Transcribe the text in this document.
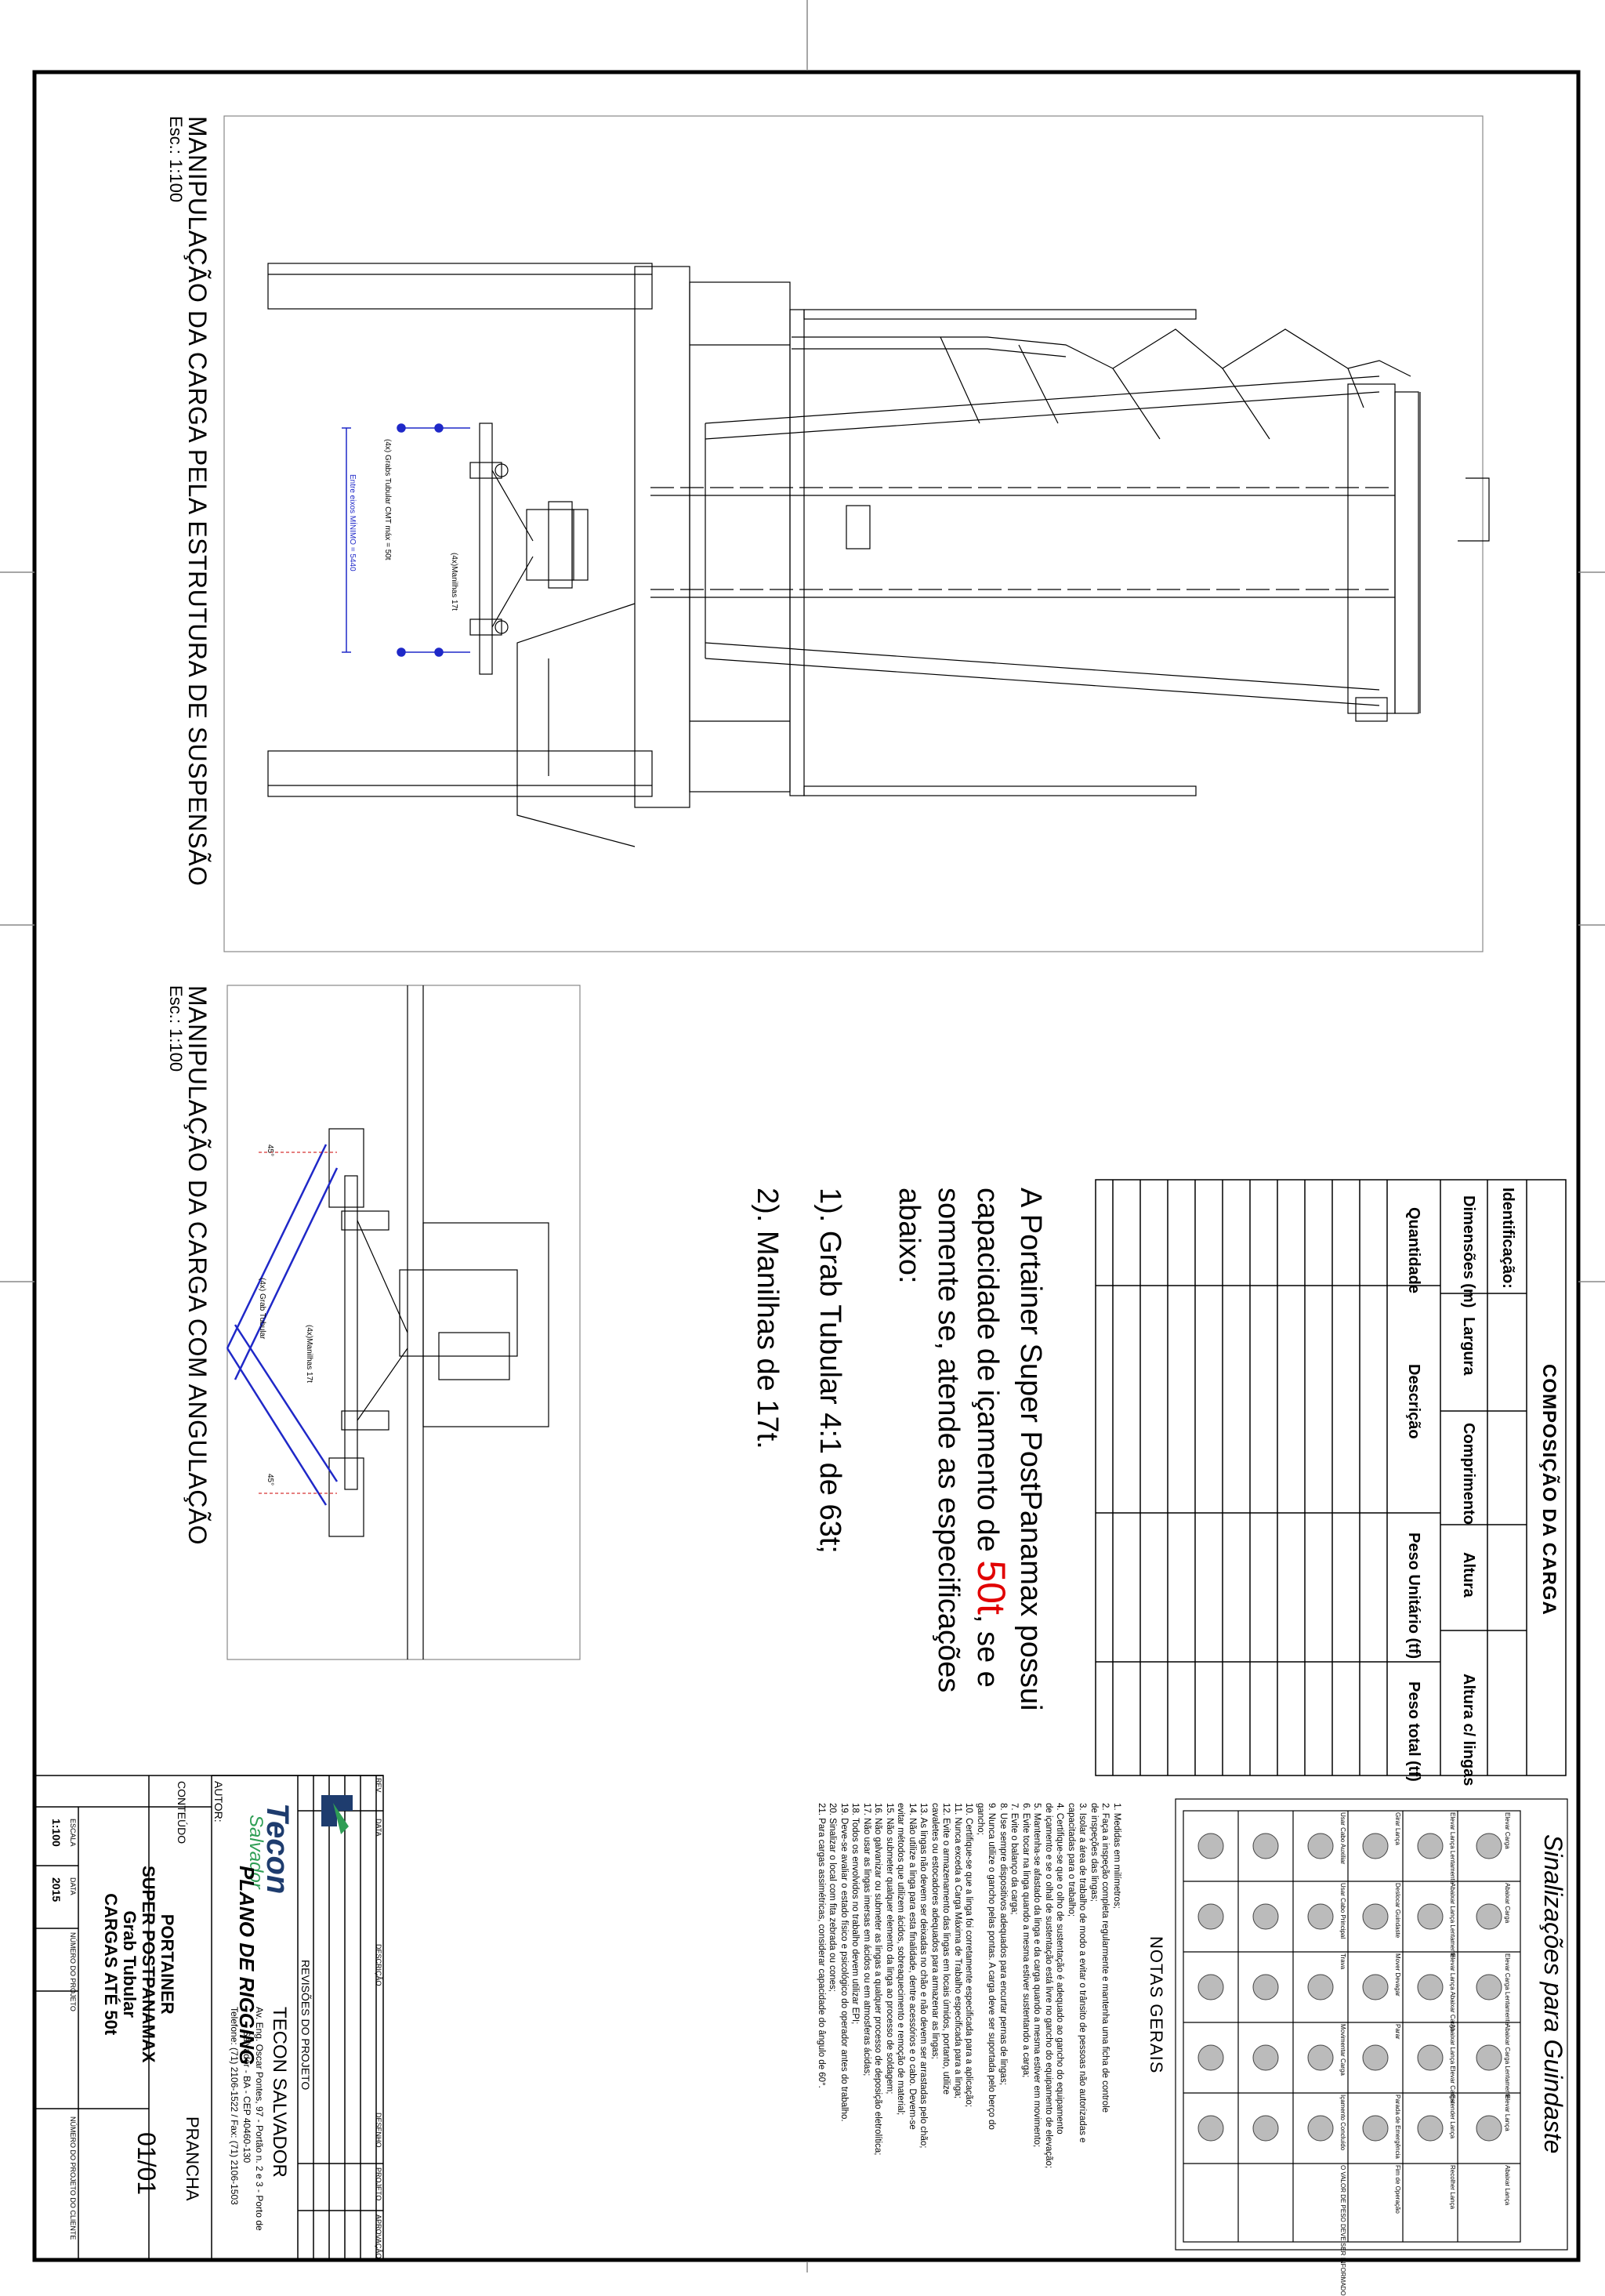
MANIPULAÇÃO DA CARGA PELA ESTRUTURA DE SUSPENSÃO
Esc.: 1:100
(4x) Grabs Tubular CMT máx = 50t
(4x)Manilhas 17t
Entre eixos MÍNIMO = 5440
MANIPULAÇÃO DA CARGA COM ANGULAÇÃO
Esc.: 1:100
(4x) Grab Tubular
(4x)Manilhas 17t
45°
45°	A Portainer Super PostPanamax possui capacidade de içamento de 50t, se e somente se, atende as especificações abaixo:
1). Grab Tubular 4:1 de 63t;
2). Manilhas de 17t.
COMPOSIÇÃO DA CARGA
Identificação:
Dimensões (m)
Largura
Comprimento
Altura
Altura c/ lingas
Quantidade
Descrição
Peso Unitário (tf)
Peso total (tf)
Sinalizações para Guindaste
Elevar Carga
Abaixar Carga
Elevar Carga Lentamente
Abaixar Carga Lentamente
Elevar Lança
Abaixar Lança
Elevar Lança Lentamente
Abaixar Lança Lentamente
Elevar Lança Abaixar Carga
Abaixar Lança Elevar Carga
Estender Lança
Recolher Lança
Girar Lança
Deslocar Guindaste
Mover Devagar
Parar
Parada de Emergência
Fim de Operação
Usar Cabo Auxiliar
Usar Cabo Principal
Trava
Movimentar Carga
Içamento Concluído
O VALOR DE PESO DEVE SER INFORMADO
NOTAS GERAIS
1. Medidas em milímetros;
2. Faça a inspeção completa regularmente e mantenha uma ficha de controle
de inspeções das lingas;
3. Isolar a área de trabalho de modo a evitar o trânsito de pessoas não autorizadas e
capacitadas para o trabalho;
4. Certifique-se que o olho de sustentação é adequado ao gancho do equipamento
de içamento e se o olhal de sustentação está livre no gancho do equipamento de elevação;
5. Mantenha-se afastado da linga e da carga quando a mesma estiver em movimento;
6. Evite tocar na linga quando a mesma estiver sustentando a carga;
7. Evite o balanço da carga;
8. Use sempre dispositivos adequados para encurtar pernas de lingas;
9. Nunca utilize o gancho pelas pontas. A carga deve ser suportada pelo berço do
gancho;
10. Certifique-se que a linga foi corretamente especificada para a aplicação;
11. Nunca exceda a Carga Máxima de Trabalho especificada para a linga;
12. Evite o armazenamento das lingas em locais úmidos, portanto, utilize
cavaletes ou estocadores adequados para armazenar as lingas;
13. As lingas não devem ser deixadas no chão e não devem ser arrastadas pelo chão;
14. Não utilize a linga para esta finalidade, dentre acessórios e o cabo. Devem-se
evitar métodos que utilizem ácidos, sobreaquecimento e remoção de material;
15. Não submeter qualquer elemento da linga ao processo de soldagem;
16. Não galvanizar ou submeter as lingas a qualquer processo de deposição eletrolítica;
17. Não usar as lingas imersas em ácidos ou em atmosferas ácidas;
18. Todos os envolvidos no trabalho devem utilizar EPI;
19. Deve-se avaliar o estado físico e psicológico do operador antes do trabalho.
20. Sinalizar o local com fita zebrada ou cones;
21. Para cargas assimétricas, considerar capacidade do ângulo de 60°.
REV.
DATA
DESCRIÇÃO
DESENHO
PROJETO
APROVAÇÃO
REVISÕES DO PROJETO
Tecon
Salvador
TECON SALVADOR
Av. Eng. Oscar Pontes, 97 - Portão n. 2 e 3 - Porto de
Salvador - BA - CEP 40460-130
Telefone: (71) 2106-1522 / Fax: (71) 2106-1503
PLANO DE RIGGING
AUTOR:
CONTEÚDO
PORTAINER
SUPER POSTPANAMAX
Grab Tubular
CARGAS ATÉ 50t
PRANCHA
01/01
ESCALA
1:100
DATA
2015
NÚMERO DO PROJETO
NÚMERO DO PROJETO DO CLIENTE
